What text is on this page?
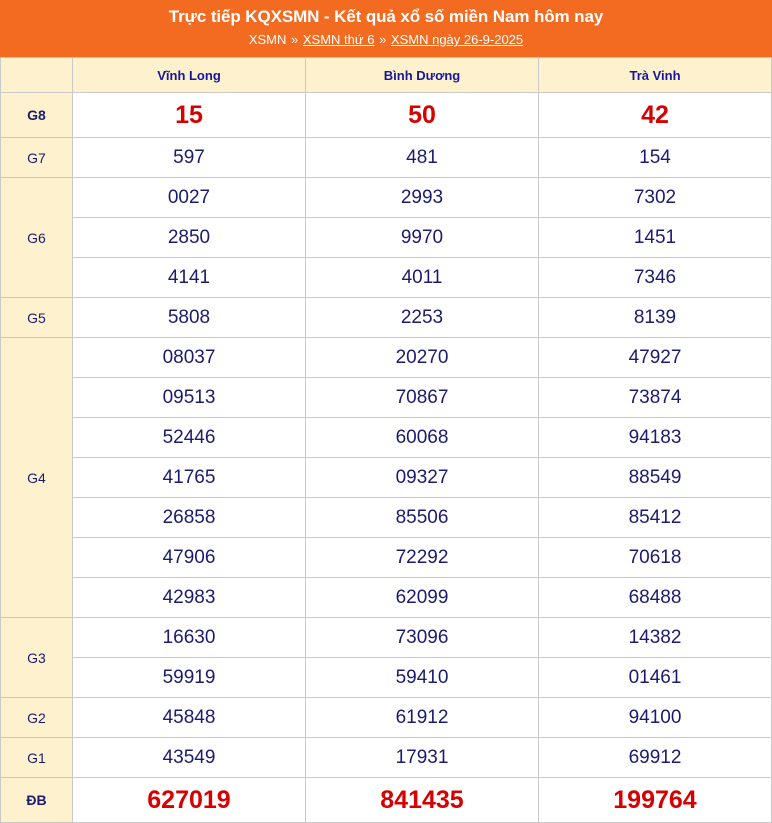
Trực tiếp KQXSMN - Kết quả xổ số miền Nam hôm nay
XSMN » XSMN thứ 6 » XSMN ngày 26-9-2025
	Vĩnh Long	Bình Dương	Trà Vinh
G8	15	50	42
G7	597	481	154
G6	0027	2993	7302
	2850	9970	1451
	4141	4011	7346
G5	5808	2253	8139
G4	08037	20270	47927
	09513	70867	73874
	52446	60068	94183
	41765	09327	88549
	26858	85506	85412
	47906	72292	70618
	42983	62099	68488
G3	16630	73096	14382
	59919	59410	01461
G2	45848	61912	94100
G1	43549	17931	69912
ĐB	627019	841435	199764
